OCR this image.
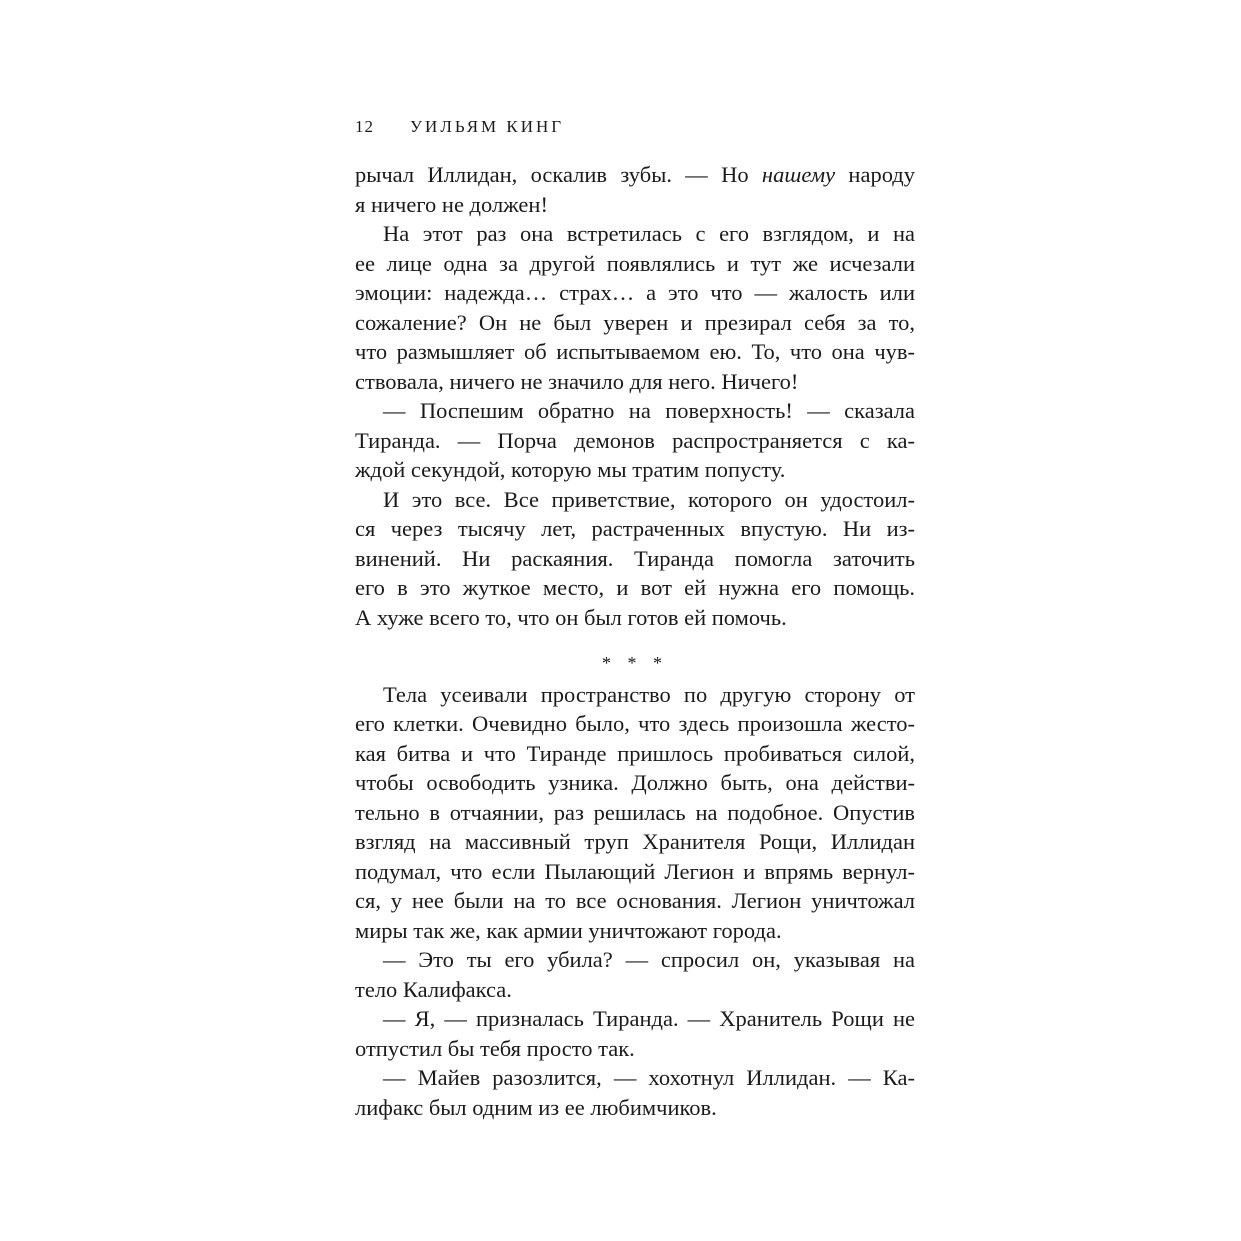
12 УИЛЬЯМ КИНГ
рычал Иллидан, оскалив зубы. — Но нашему народу
я ничего не должен!
На этот раз она встретилась с его взглядом, и на
ее лице одна за другой появлялись и тут же исчезали
эмоции: надежда… страх… а это что — жалость или
сожаление? Он не был уверен и презирал себя за то,
что размышляет об испытываемом ею. То, что она чув-
ствовала, ничего не значило для него. Ничего!
— Поспешим обратно на поверхность! — сказала
Тиранда. — Порча демонов распространяется с ка-
ждой секундой, которую мы тратим попусту.
И это все. Все приветствие, которого он удостоил-
ся через тысячу лет, растраченных впустую. Ни из-
винений. Ни раскаяния. Тиранда помогла заточить
его в это жуткое место, и вот ей нужна его помощь.
А хуже всего то, что он был готов ей помочь.
* * *
Тела усеивали пространство по другую сторону от
его клетки. Очевидно было, что здесь произошла жесто-
кая битва и что Тиранде пришлось пробиваться силой,
чтобы освободить узника. Должно быть, она действи-
тельно в отчаянии, раз решилась на подобное. Опустив
взгляд на массивный труп Хранителя Рощи, Иллидан
подумал, что если Пылающий Легион и впрямь вернул-
ся, у нее были на то все основания. Легион уничтожал
миры так же, как армии уничтожают города.
— Это ты его убила? — спросил он, указывая на
тело Калифакса.
— Я, — призналась Тиранда. — Хранитель Рощи не
отпустил бы тебя просто так.
— Майев разозлится, — хохотнул Иллидан. — Ка-
лифакс был одним из ее любимчиков.
